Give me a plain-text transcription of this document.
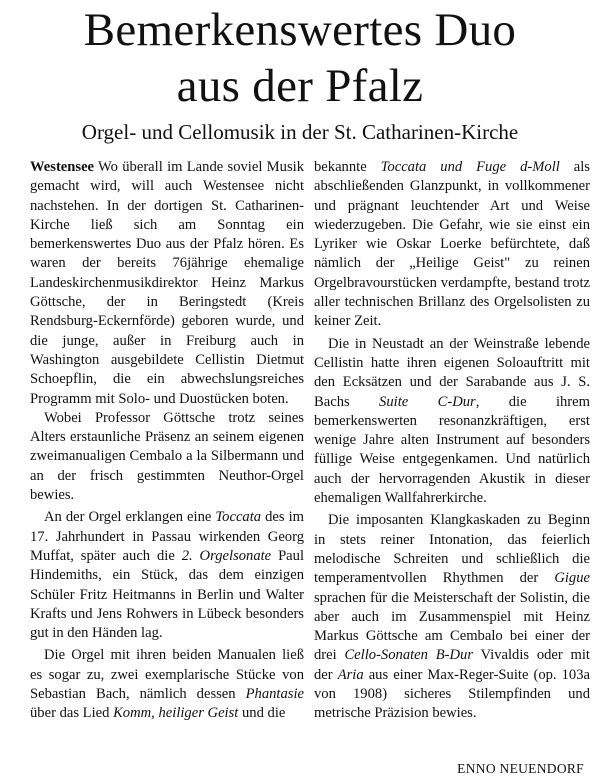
Bemerkenswertes Duo
aus der Pfalz
Orgel- und Cellomusik in der St. Catharinen-Kirche

Westensee Wo überall im Lande soviel Musik gemacht wird, will auch Westensee nicht nachstehen. In der dortigen St. Catharinen-Kirche ließ sich am Sonntag ein bemerkenswertes Duo aus der Pfalz hören. Es waren der bereits 76jährige ehemalige Landeskirchenmusikdirektor Heinz Markus Göttsche, der in Beringstedt (Kreis Rendsburg-Eckernförde) geboren wurde, und die junge, außer in Freiburg auch in Washington ausgebildete Cellistin Dietmut Schoepflin, die ein abwechslungsreiches Programm mit Solo- und Duostücken boten.

Wobei Professor Göttsche trotz seines Alters erstaunliche Präsenz an seinem eigenen zweimanualigen Cembalo a la Silbermann und an der frisch gestimmten Neuthor-Orgel bewies.

An der Orgel erklangen eine Toccata des im 17. Jahrhundert in Passau wirkenden Georg Muffat, später auch die 2. Orgelsonate Paul Hindemiths, ein Stück, das dem einzigen Schüler Fritz Heitmanns in Berlin und Walter Krafts und Jens Rohwers in Lübeck besonders gut in den Händen lag.

Die Orgel mit ihren beiden Manualen ließ es sogar zu, zwei exemplarische Stücke von Sebastian Bach, nämlich dessen Phantasie über das Lied Komm, heiliger Geist und die

bekannte Toccata und Fuge d-Moll als abschließenden Glanzpunkt, in vollkommener und prägnant leuchtender Art und Weise wiederzugeben. Die Gefahr, wie sie einst ein Lyriker wie Oskar Loerke befürchtete, daß nämlich der „Heilige Geist" zu reinen Orgelbravourstücken verdampfte, bestand trotz aller technischen Brillanz des Orgelsolisten zu keiner Zeit.

Die in Neustadt an der Weinstraße lebende Cellistin hatte ihren eigenen Soloauftritt mit den Ecksätzen und der Sarabande aus J. S. Bachs Suite C-Dur, die ihrem bemerkenswerten resonanzkräftigen, erst wenige Jahre alten Instrument auf besonders füllige Weise entgegenkamen. Und natürlich auch der hervorragenden Akustik in dieser ehemaligen Wallfahrerkirche.

Die imposanten Klangkaskaden zu Beginn in stets reiner Intonation, das feierlich melodische Schreiten und schließlich die temperamentvollen Rhythmen der Gigue sprachen für die Meisterschaft der Solistin, die aber auch im Zusammenspiel mit Heinz Markus Göttsche am Cembalo bei einer der drei Cello-Sonaten B-Dur Vivaldis oder mit der Aria aus einer Max-Reger-Suite (op. 103a von 1908) sicheres Stilempfinden und metrische Präzision bewies.

ENNO NEUENDORF
